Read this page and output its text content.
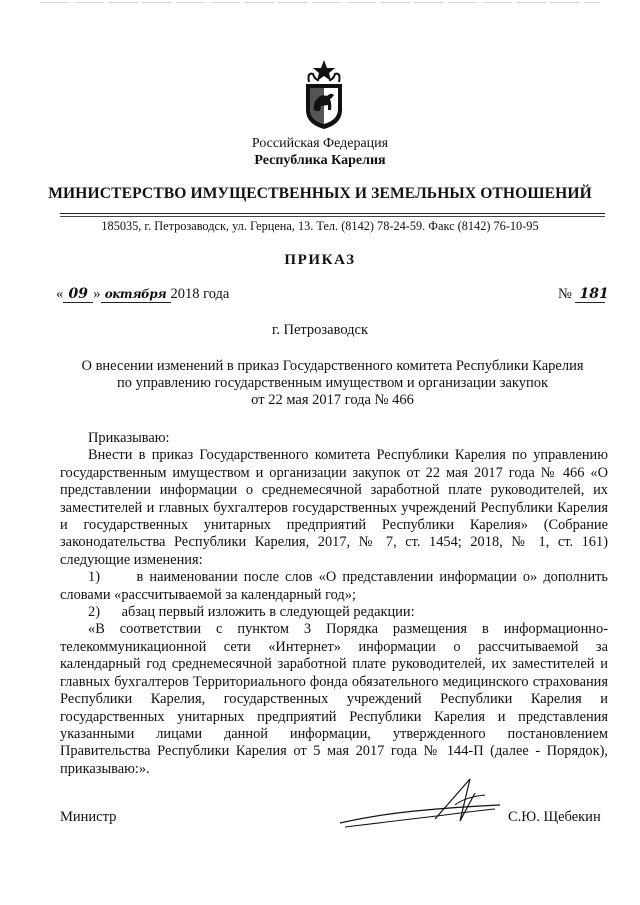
Российская Федерация
Республика Карелия
МИНИСТЕРСТВО ИМУЩЕСТВЕННЫХ И ЗЕМЕЛЬНЫХ ОТНОШЕНИЙ
185035, г. Петрозаводск, ул. Герцена, 13. Тел. (8142) 78-24-59. Факс (8142) 76-10-95
ПРИКАЗ
« 09 » октября 2018 года	№ 181
г. Петрозаводск
О внесении изменений в приказ Государственного комитета Республики Карелия
по управлению государственным имуществом и организации закупок
от 22 мая 2017 года № 466

Приказываю:

Внести в приказ Государственного комитета Республики Карелия по управлению государственным имуществом и организации закупок от 22 мая 2017 года № 466 «О представлении информации о среднемесячной заработной плате руководителей, их заместителей и главных бухгалтеров государственных учреждений Республики Карелия и государственных унитарных предприятий Республики Карелия» (Собрание законодательства Республики Карелия, 2017, № 7, ст. 1454; 2018, № 1, ст. 161) следующие изменения:

1)      в наименовании после слов «О представлении информации о» дополнить словами «рассчитываемой за календарный год»;

2)      абзац первый изложить в следующей редакции:

«В соответствии с пунктом 3 Порядка размещения в информационно-телекоммуникационной сети «Интернет» информации о рассчитываемой за календарный год среднемесячной заработной плате руководителей, их заместителей и главных бухгалтеров Территориального фонда обязательного медицинского страхования Республики Карелия, государственных учреждений Республики Карелия и государственных унитарных предприятий Республики Карелия и представления указанными лицами данной информации, утвержденного постановлением Правительства Республики Карелия от 5 мая 2017 года № 144-П (далее - Порядок), приказываю:».

Министр	С.Ю. Щебекин
